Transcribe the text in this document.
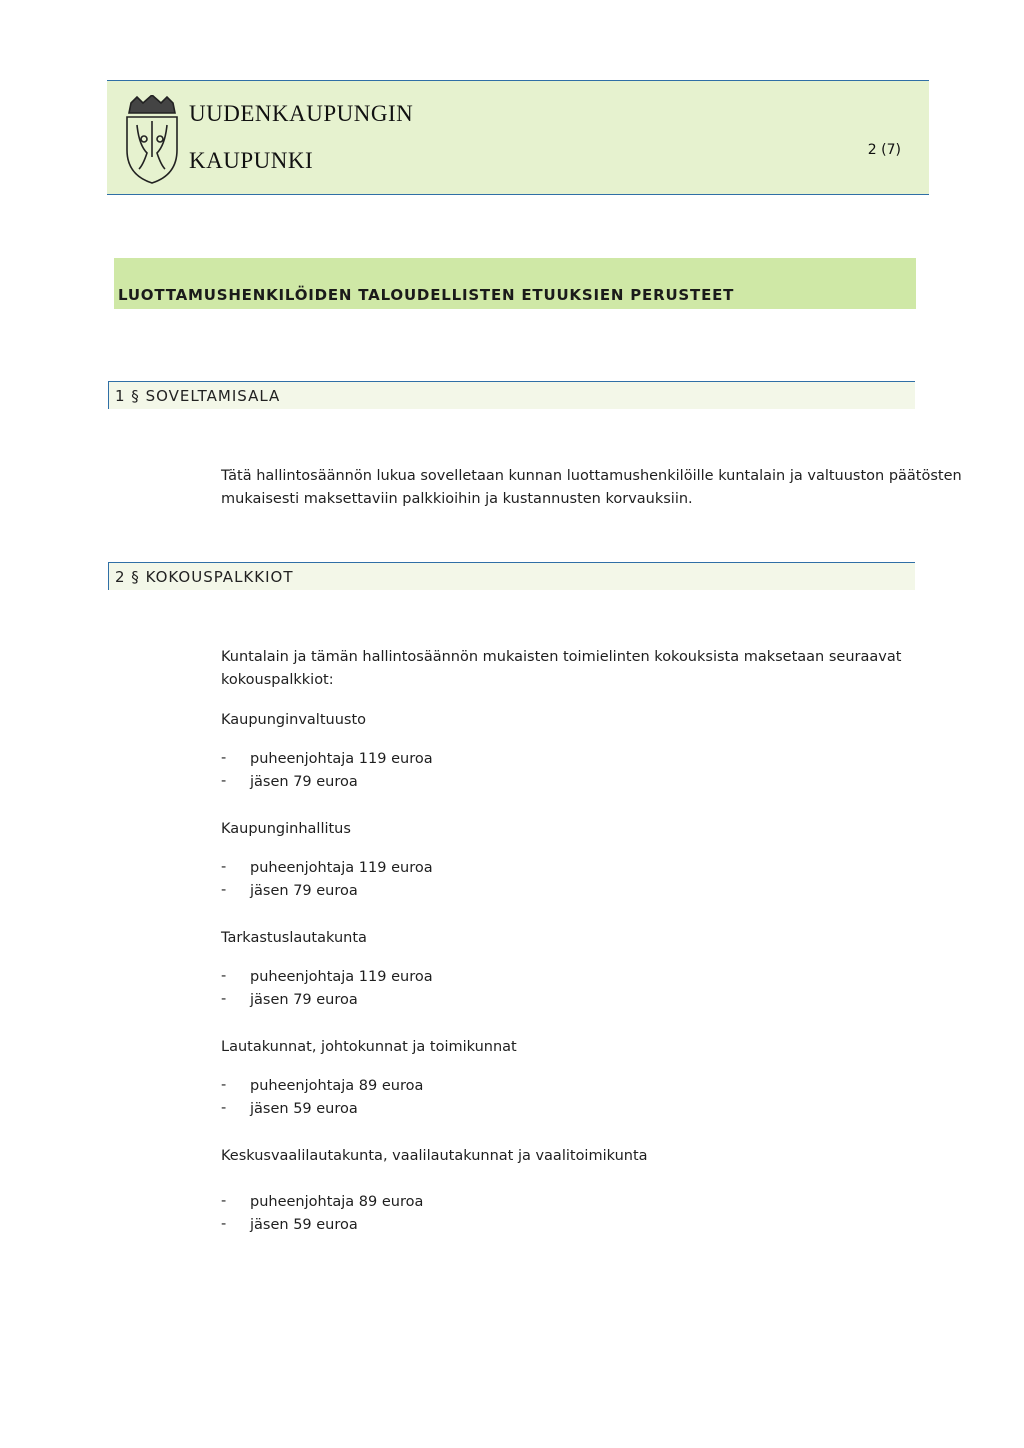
UUDENKAUPUNGIN
KAUPUNKI	2 (7)
LUOTTAMUSHENKILÖIDEN TALOUDELLISTEN ETUUKSIEN PERUSTEET
1 § SOVELTAMISALA
Tätä hallintosäännön lukua sovelletaan kunnan luottamushenkilöille kuntalain ja valtuuston päätösten
mukaisesti maksettaviin palkkioihin ja kustannusten korvauksiin.
2 § KOKOUSPALKKIOT
Kuntalain ja tämän hallintosäännön mukaisten toimielinten kokouksista maksetaan seuraavat
kokouspalkkiot:
Kaupunginvaltuusto
- puheenjohtaja 119 euroa
- jäsen 79 euroa
Kaupunginhallitus
- puheenjohtaja 119 euroa
- jäsen 79 euroa
Tarkastuslautakunta
- puheenjohtaja 119 euroa
- jäsen 79 euroa
Lautakunnat, johtokunnat ja toimikunnat
- puheenjohtaja 89 euroa
- jäsen 59 euroa
Keskusvaalilautakunta, vaalilautakunnat ja vaalitoimikunta
- puheenjohtaja 89 euroa
- jäsen 59 euroa
